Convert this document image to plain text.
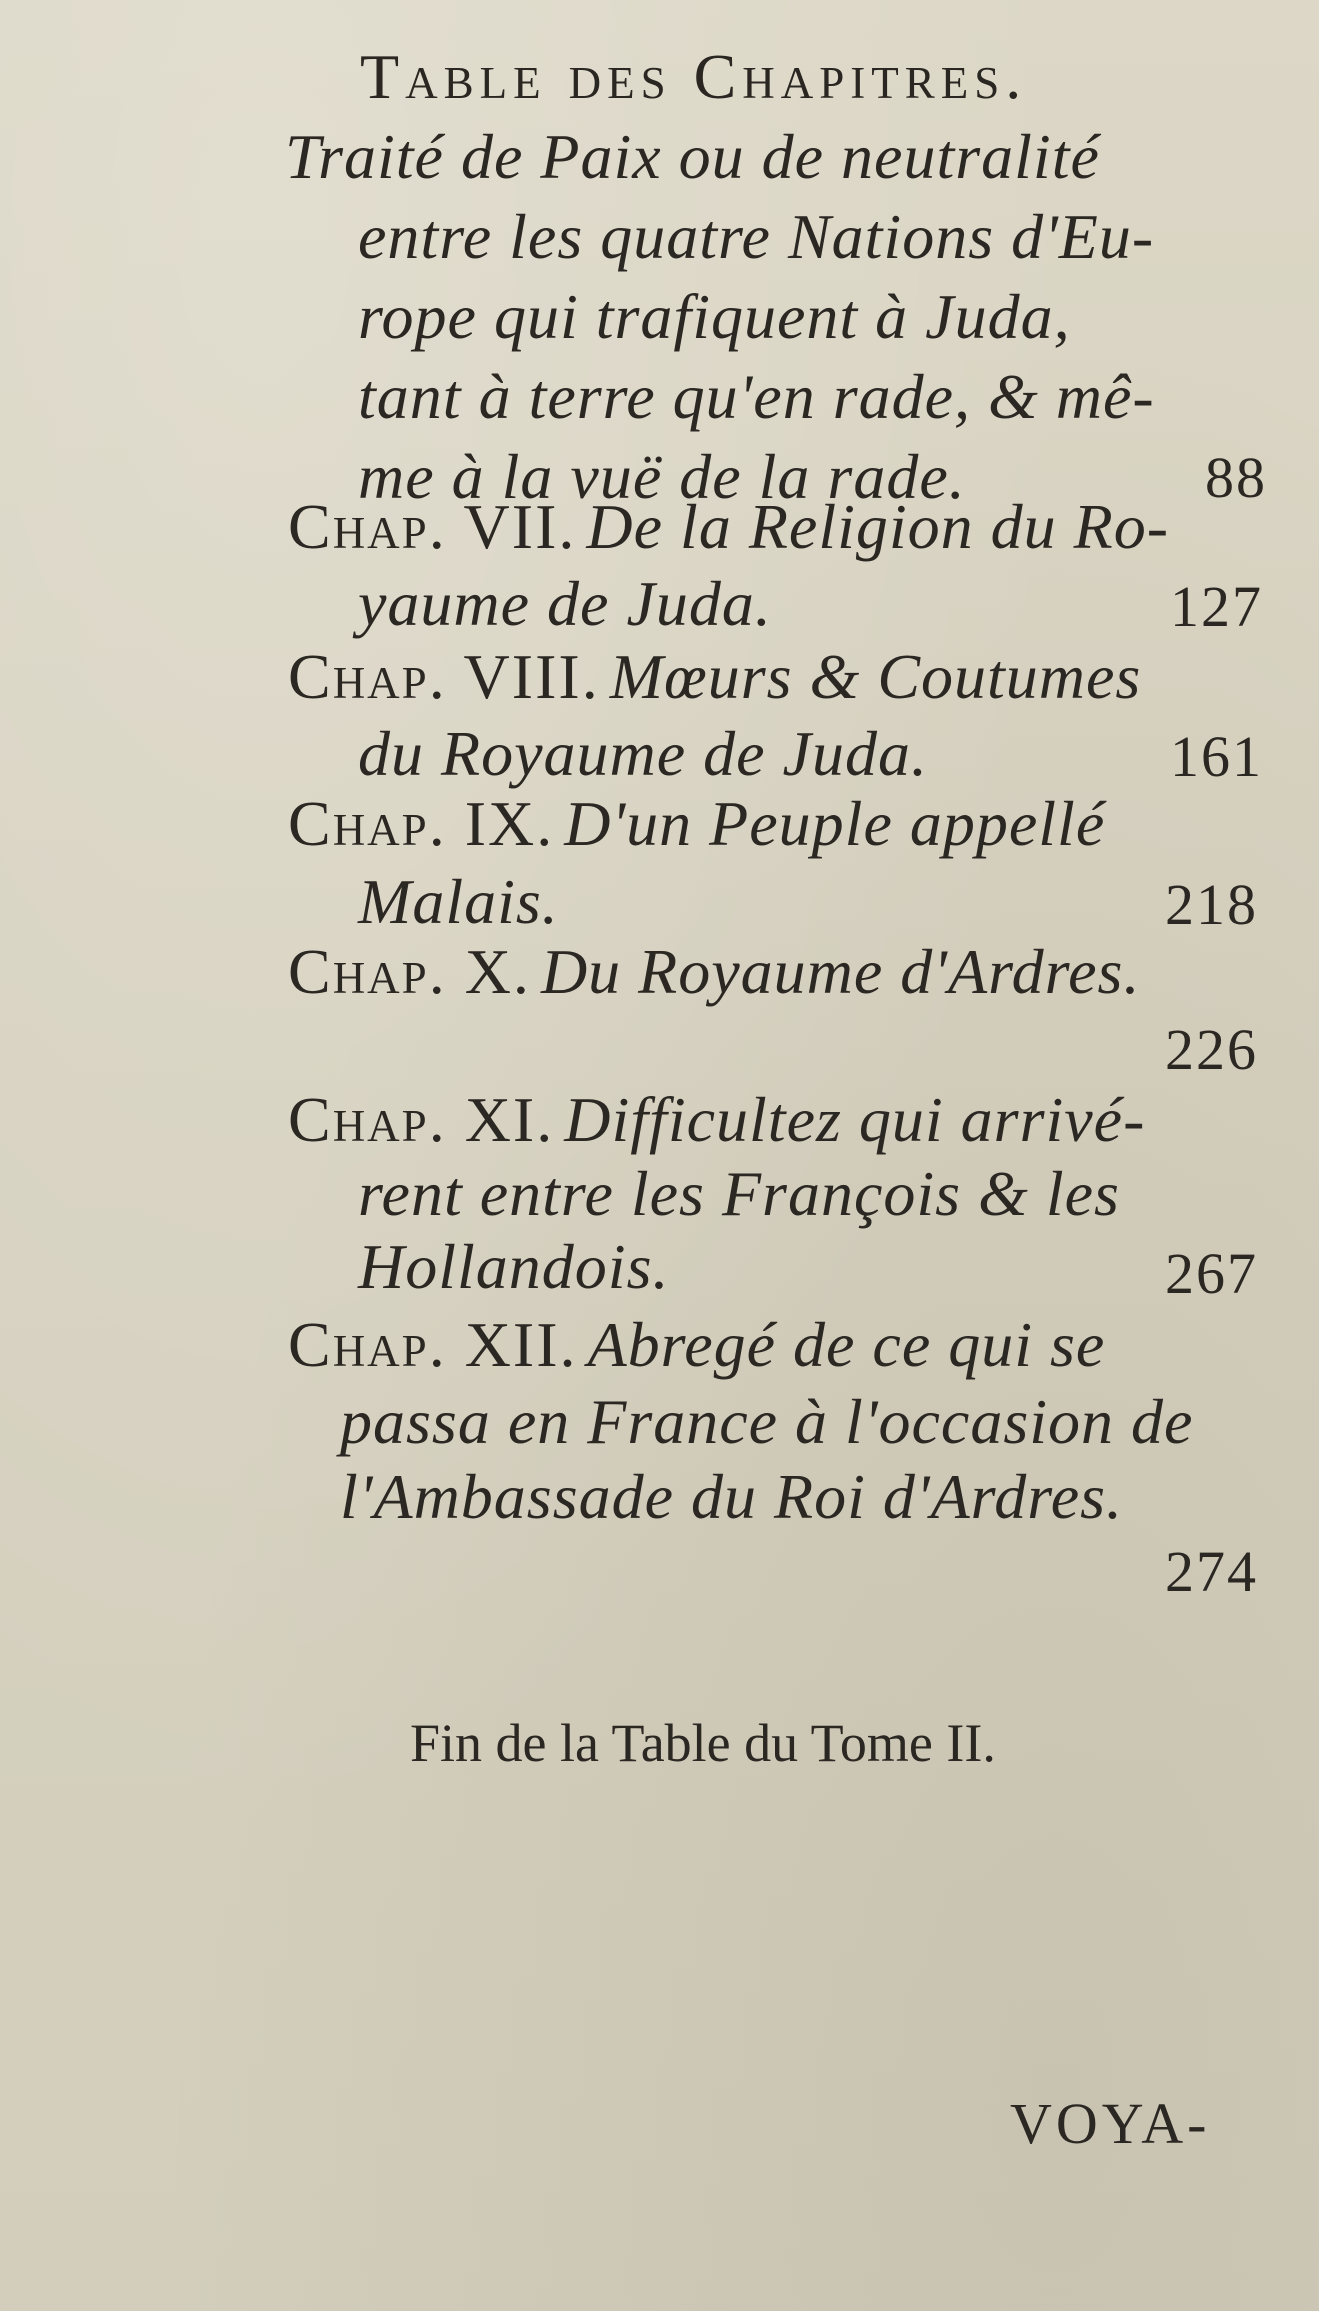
Table des Chapitres.
Traité de Paix ou de neutralité
entre les quatre Nations d'Eu-
rope qui trafiquent à Juda,
tant à terre qu'en rade, & mê-
me à la vuë de la rade.	88
Chap. VII. De la Religion du Ro-
yaume de Juda.	127
Chap. VIII. Mœurs & Coutumes
du Royaume de Juda.	161
Chap. IX. D'un Peuple appellé
Malais.	218
Chap. X. Du Royaume d'Ardres.
226
Chap. XI. Difficultez qui arrivé-
rent entre les François & les
Hollandois.	267
Chap. XII. Abregé de ce qui se
passa en France à l'occasion de
l'Ambassade du Roi d'Ardres.
274
Fin de la Table du Tome II.
VOYA-
